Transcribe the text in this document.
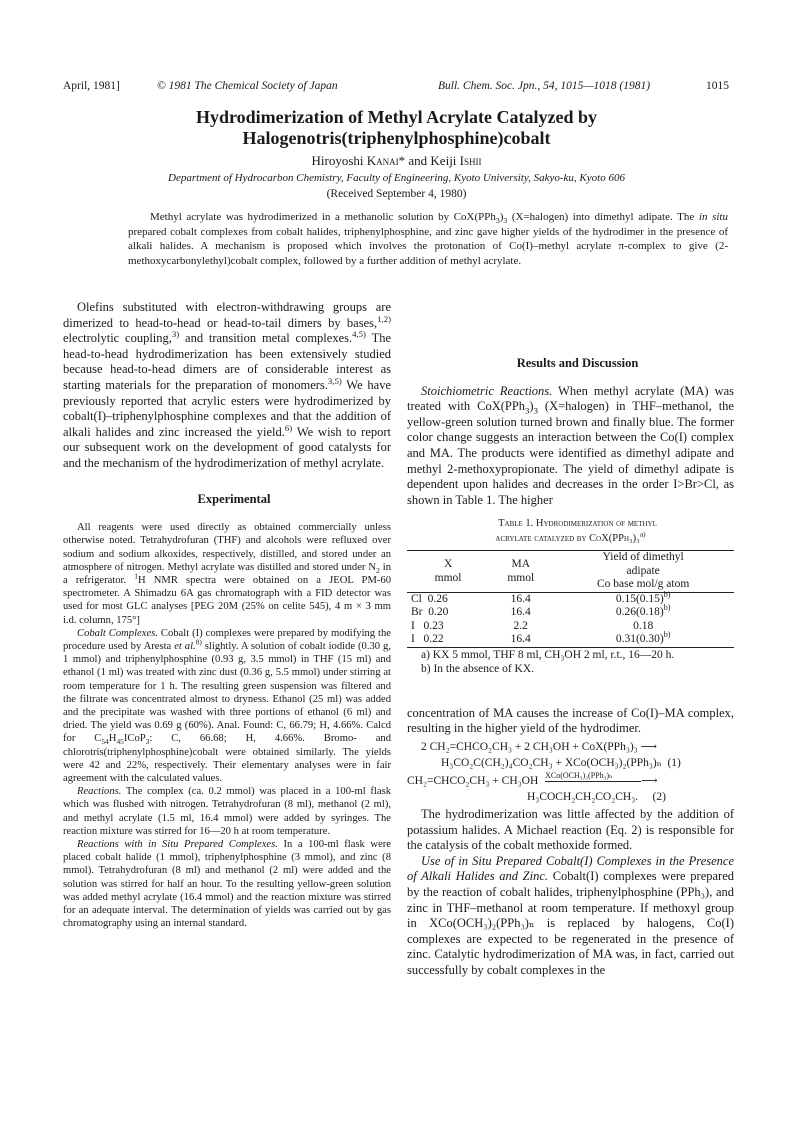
April, 1981]	© 1981 The Chemical Society of Japan	Bull. Chem. Soc. Jpn., 54, 1015—1018 (1981)	1015
Hydrodimerization of Methyl Acrylate Catalyzed by
Halogenotris(triphenylphosphine)cobalt
Hiroyoshi Kanai* and Keiji Ishii
Department of Hydrocarbon Chemistry, Faculty of Engineering, Kyoto University, Sakyo-ku, Kyoto 606
(Received September 4, 1980)

Methyl acrylate was hydrodimerized in a methanolic solution by $CoX(PPh_3)_3$ (X=halogen) into dimethyl adipate. The in situ prepared cobalt complexes from cobalt halides, triphenylphosphine, and zinc gave higher yields of the hydrodimer in the presence of alkali halides. A mechanism is proposed which involves the protonation of Co(I)–methyl acrylate π-complex to give (2-methoxycarbonylethyl)cobalt complex, followed by a further addition of methyl acrylate.

Olefins substituted with electron-withdrawing groups are dimerized to head-to-head or head-to-tail dimers by bases,$^{1,2)}$ electrolytic coupling,$^{3)}$ and transition metal complexes.$^{4,5)}$ The head-to-head hydrodimerization has been extensively studied because head-to-head dimers are of considerable interest as starting materials for the preparation of monomers.$^{3,5)}$ We have previously reported that acrylic esters were hydrodimerized by cobalt(I)–triphenylphosphine complexes and that the addition of alkali halides and zinc increased the yield.$^{6)}$ We wish to report our subsequent work on the development of good catalysts for and the mechanism of the hydrodimerization of methyl acrylate.

Experimental

All reagents were used directly as obtained commercially unless otherwise noted. Tetrahydrofuran (THF) and alcohols were refluxed over sodium and sodium alkoxides, respectively, distilled, and stored under an atmosphere of nitrogen. Methyl acrylate was distilled and stored under $N_2$ in a refrigerator. $^1$H NMR spectra were obtained on a JEOL PM-60 spectrometer. A Shimadzu 6A gas chromatograph with a FID detector was used for most GLC analyses [PEG 20M (25% on celite 545), 4 m × 3 mm i.d. column, 175°]

Cobalt Complexes. Cobalt (I) complexes were prepared by modifying the procedure used by Aresta et al.$^{8)}$ slightly. A solution of cobalt iodide (0.30 g, 1 mmol) and triphenylphosphine (0.93 g, 3.5 mmol) in THF (15 ml) and ethanol (1 ml) was treated with zinc dust (0.36 g, 5.5 mmol) under stirring at room temperature for 1 h. The resulting green suspension was filtered and the filtrate was concentrated almost to dryness. Ethanol (25 ml) was added and the precipitate was washed with three portions of ethanol (6 ml) and dried. The yield was 0.69 g (60%). Anal. Found: C, 66.79; H, 4.66%. Calcd for $C_{54}H_{45}ICoP_3$: C, 66.68; H, 4.66%. Bromo- and chlorotris(triphenylphosphine)cobalt were obtained similarly. The yields were 42 and 22%, respectively. Their elementary analyses were in fair agreement with the calculated values.

Reactions. The complex (ca. 0.2 mmol) was placed in a 100-ml flask which was flushed with nitrogen. Tetrahydrofuran (8 ml), methanol (2 ml), and methyl acrylate (1.5 ml, 16.4 mmol) were added by syringes. The reaction mixture was stirred for 16—20 h at room temperature.

Reactions with in Situ Prepared Complexes. In a 100-ml flask were placed cobalt halide (1 mmol), triphenylphosphine (3 mmol), and zinc (8 mmol). Tetrahydrofuran (8 ml) and methanol (2 ml) were added and the solution was stirred for half an hour. To the resulting yellow-green solution was added methyl acrylate (16.4 mmol) and the reaction mixture was stirred for an adequate interval. The determination of yields was carried out by gas chromatography using an internal standard.

Results and Discussion

Stoichiometric Reactions. When methyl acrylate (MA) was treated with $CoX(PPh_3)_3$ (X=halogen) in THF–methanol, the yellow-green solution turned brown and finally blue. The former color change suggests an interaction between the Co(I) complex and MA. The products were identified as dimethyl adipate and methyl 2-methoxypropionate. The yield of dimethyl adipate is dependent upon halides and decreases in the order I>Br>Cl, as shown in Table 1. The higher

Table 1. Hydrodimerization of methyl
acrylate catalyzed by CoX(PPh₃)₃$^{a)}$

X
mmol	MA
mmol	Yield of dimethyl
adipate
Co base mol/g atom
Cl 0.26	16.4	$0.15(0.15)^{b)}$
Br 0.20	16.4	$0.26(0.18)^{b)}$
I 0.23	2.2	0.18
I 0.22	16.4	$0.31(0.30)^{b)}$

a) KX 5 mmol, THF 8 ml, CH₃OH 2 ml, r.t., 16—20 h.

b) In the absence of KX.

concentration of MA causes the increase of Co(I)–MA complex, resulting in the higher yield of the hydrodimer.

2 CH₂=CHCO₂CH₃ + 2 CH₃OH + CoX(PPh₃)₃ ⟶
H₃CO₂C(CH₂)₄CO₂CH₃ + XCo(OCH₃)₂(PPh₃)ₙ (1)
CH₂=CHCO₂CH₃ + CH₃OH XCo(OCH₃)₂(PPh₃)ₙ ⟶
H₃COCH₂CH₂CO₂CH₃. (2)

The hydrodimerization was little affected by the addition of potassium halides. A Michael reaction (Eq. 2) is responsible for the catalysis of the cobalt methoxide formed.

Use of in Situ Prepared Cobalt(I) Complexes in the Presence of Alkali Halides and Zinc. Cobalt(I) complexes were prepared by the reaction of cobalt halides, triphenylphosphine (PPh₃), and zinc in THF–methanol at room temperature. If methoxyl group in XCo(OCH₃)₂(PPh₃)ₙ is replaced by halogens, Co(I) complexes are expected to be regenerated in the presence of zinc. Catalytic hydrodimerization of MA was, in fact, carried out successfully by cobalt complexes in the
